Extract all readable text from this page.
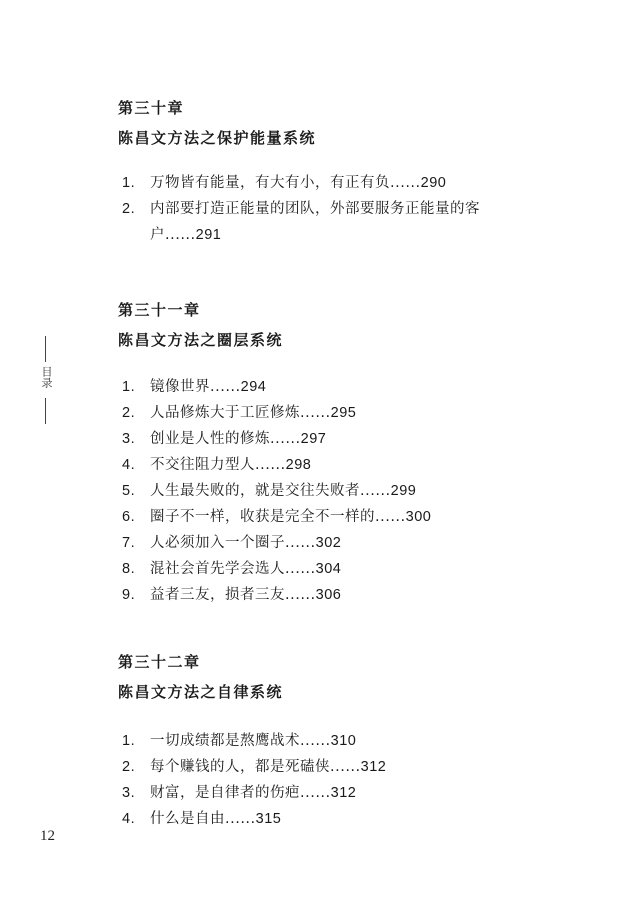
第三十章
陈昌文方法之保护能量系统
1. 万物皆有能量，有大有小，有正有负......290
2. 内部要打造正能量的团队，外部要服务正能量的客
户......291
第三十一章
陈昌文方法之圈层系统
1. 镜像世界......294
2. 人品修炼大于工匠修炼......295
3. 创业是人性的修炼......297
4. 不交往阻力型人......298
5. 人生最失败的，就是交往失败者......299
6. 圈子不一样，收获是完全不一样的......300
7. 人必须加入一个圈子......302
8. 混社会首先学会选人......304
9. 益者三友，损者三友......306
第三十二章
陈昌文方法之自律系统
1. 一切成绩都是熬鹰战术......310
2. 每个赚钱的人，都是死磕侠......312
3. 财富，是自律者的伤疤......312
4. 什么是自由......315
目录
12
